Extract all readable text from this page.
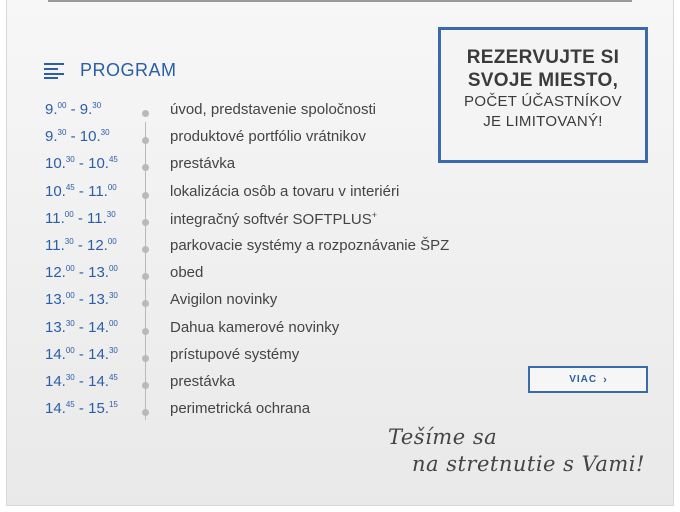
PROGRAM
9.00 - 9.30	úvod, predstavenie spoločnosti
9.30 - 10.30	produktové portfólio vrátnikov
10.30 - 10.45	prestávka
10.45 - 11.00	lokalizácia osôb a tovaru v interiéri
11.00 - 11.30	integračný softvér SOFTPLUS+
11.30 - 12.00	parkovacie systémy a rozpoznávanie ŠPZ
12.00 - 13.00	obed
13.00 - 13.30	Avigilon novinky
13.30 - 14.00	Dahua kamerové novinky
14.00 - 14.30	prístupové systémy
14.30 - 14.45	prestávka
14.45 - 15.15	perimetrická ochrana
REZERVUJTE SI
SVOJE MIESTO,
POČET ÚČASTNÍKOV
JE LIMITOVANÝ!
VIAC ›
Tešíme sa
na stretnutie s Vami!
